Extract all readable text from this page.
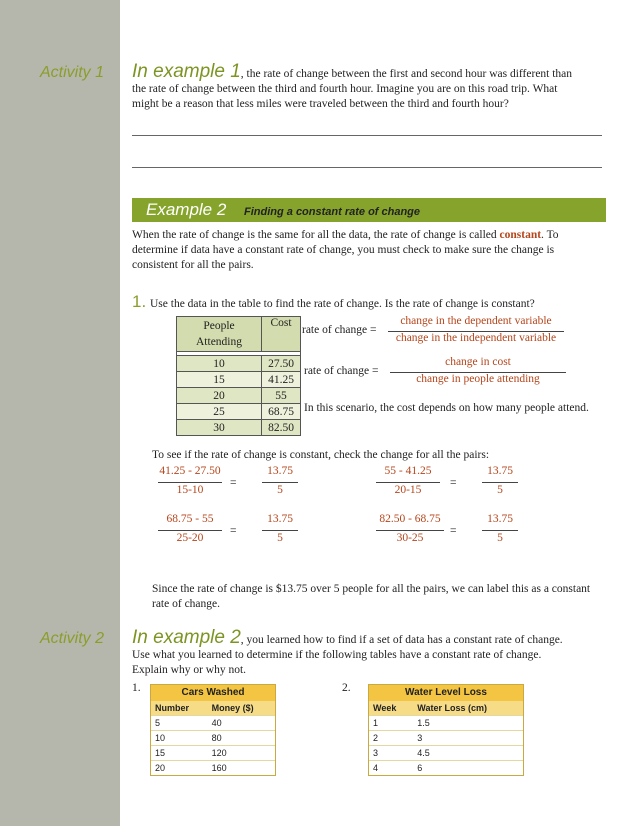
Activity 1 In example 1, the rate of change between the first and second hour was different than
the rate of change between the third and fourth hour. Imagine you are on this road trip. What
might be a reason that less miles were traveled between the third and fourth hour?
Example 2 Finding a constant rate of change
When the rate of change is the same for all the data, the rate of change is called constant. To
determine if data have a constant rate of change, you must check to make sure the change is
consistent for all the pairs.
1. Use the data in the table to find the rate of change. Is the rate of change is constant?
People
Attending	Cost

10	27.50
15	41.25
20	55
25	68.75
30	82.50
rate of change =
change in the dependent variable
change in the independent variable
rate of change =
change in cost
change in people attending
In this scenario, the cost depends on how many people attend.
To see if the rate of change is constant, check the change for all the pairs:
41.25 - 27.50
15-10
=
13.75
5
55 - 41.25
20-15
=
13.75
5
68.75 - 55
25-20
=
13.75
5
82.50 - 68.75
30-25
=
13.75
5
Since the rate of change is $13.75 over 5 people for all the pairs, we can label this as a constant
rate of change.
Activity 2 In example 2, you learned how to find if a set of data has a constant rate of change.
Use what you learned to determine if the following tables have a constant rate of change.
Explain why or why not.
1.	2.
Cars Washed
Number	Money ($)
5	40
10	80
15	120
20	160
Water Level Loss
Week	Water Loss (cm)
1	1.5
2	3
3	4.5
4	6
